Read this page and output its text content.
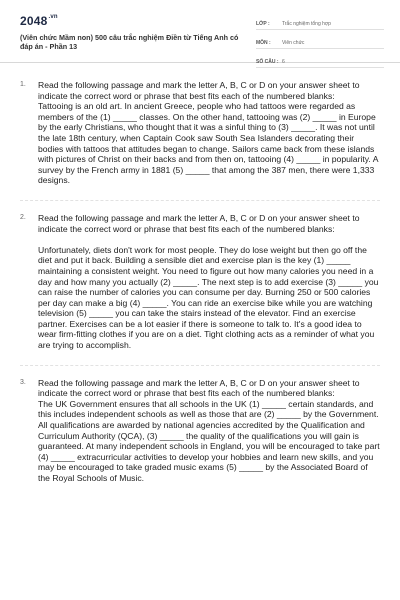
$2048^{.vn}$
(Viên chức Mầm non) 500 câu trắc nghiệm Điền từ Tiếng Anh có đáp án - Phần 13
LỚP :	Trắc nghiệm tổng hợp
MÔN :	Viên chức
SỐ CÂU : 6
1. Read the following passage and mark the letter A, B, C or D on your answer sheet to indicate the correct word or phrase that best fits each of the numbered blanks:
Tattooing is an old art. In ancient Greece, people who had tattoos were regarded as members of the (1) _____ classes. On the other hand, tattooing was (2) _____ in Europe by the early Christians, who thought that it was a sinful thing to (3) _____. It was not until the late 18th century, when Captain Cook saw South Sea Islanders decorating their bodies with tattoos that attitudes began to change. Sailors came back from these islands with pictures of Christ on their backs and from then on, tattooing (4) _____ in popularity. A survey by the French army in 1881 (5) _____ that among the 387 men, there were 1,333 designs.
2. Read the following passage and mark the letter A, B, C or D on your answer sheet to indicate the correct word or phrase that best fits each of the numbered blanks:

Unfortunately, diets don't work for most people. They do lose weight but then go off the diet and put it back. Building a sensible diet and exercise plan is the key (1) _____ maintaining a consistent weight. You need to figure out how many calories you need in a day and how many you actually (2) _____. The next step is to add exercise (3) _____ you can raise the number of calories you can consume per day. Burning 250 or 500 calories per day can make a big (4) _____. You can ride an exercise bike while you are watching television (5) _____ you can take the stairs instead of the elevator. Find an exercise partner. Exercises can be a lot easier if there is someone to talk to. It's a good idea to wear firm-fitting clothes if you are on a diet. Tight clothing acts as a reminder of what you are trying to accomplish.
3. Read the following passage and mark the letter A, B, C or D on your answer sheet to indicate the correct word or phrase that best fits each of the numbered blanks:
The UK Government ensures that all schools in the UK (1) _____ certain standards, and this includes independent schools as well as those that are (2) _____ by the Government. All qualifications are awarded by national agencies accredited by the Qualification and Curriculum Authority (QCA), (3) _____ the quality of the qualifications you will gain is guaranteed. At many independent schools in England, you will be encouraged to take part (4) _____ extracurricular activities to develop your hobbies and learn new skills, and you may be encouraged to take graded music exams (5) _____ by the Associated Board of the Royal Schools of Music.
